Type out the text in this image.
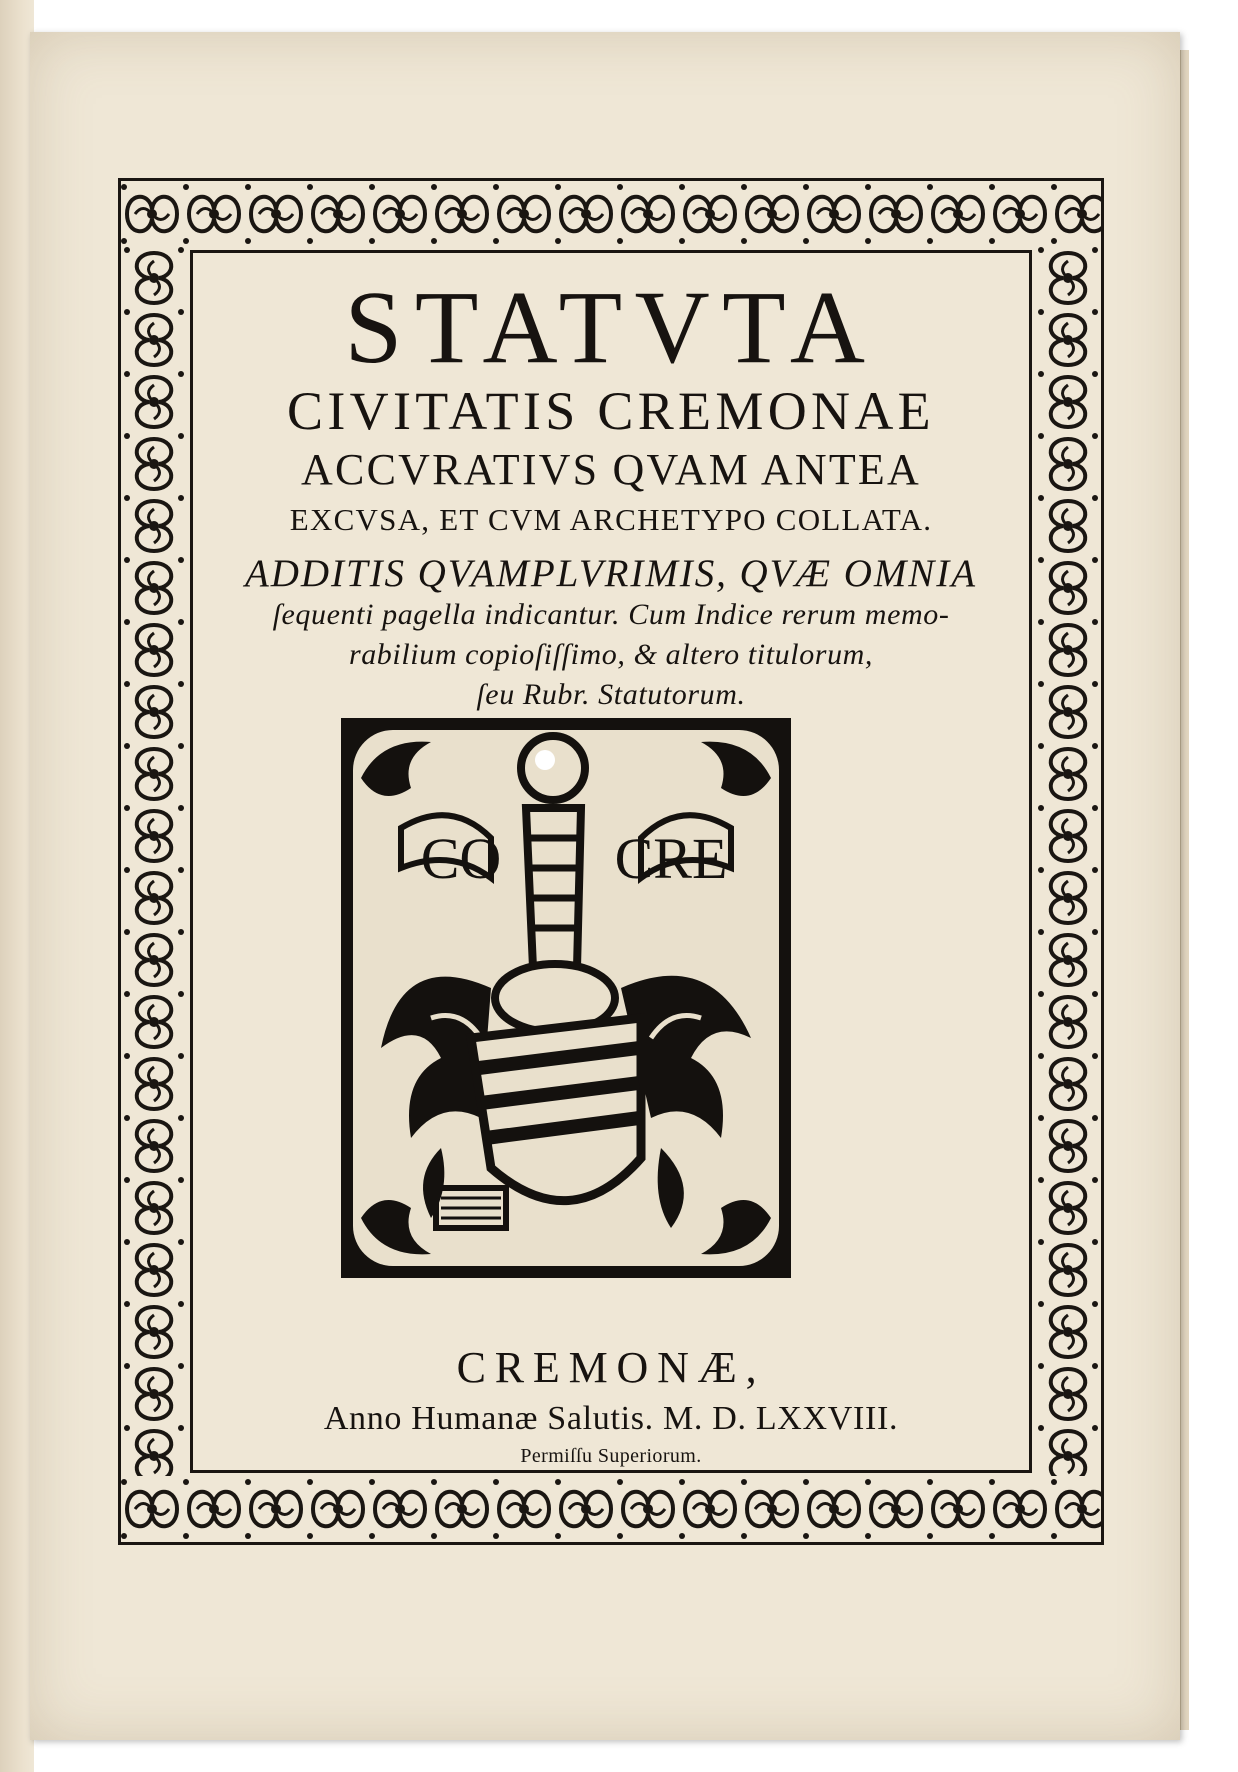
STATVTA
CIVITATIS CREMONAE
ACCVRATIVS QVAM ANTEA
EXCVSA, ET CVM ARCHETYPO COLLATA.
ADDITIS QVAMPLVRIMIS, QVÆ OMNIA
ſequenti pagella indicantur. Cum Indice rerum memo-
rabilium copioſiſſimo, & altero titulorum,
ſeu Rubr. Statutorum.
CO CRE
CREMONÆ,
Anno Humanæ Salutis. M. D. LXXVIII.
Permiſſu Superiorum.
